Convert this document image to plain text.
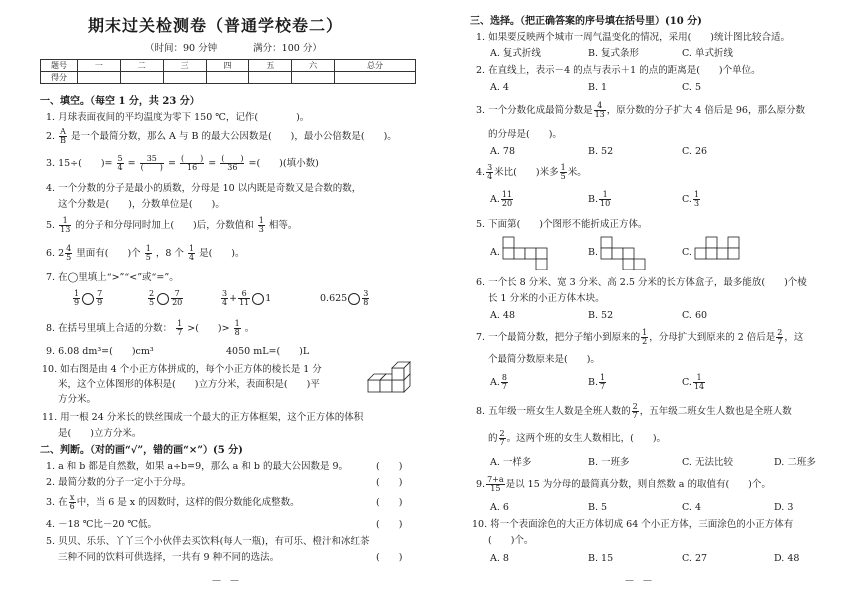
期末过关检测卷（普通学校卷二）
（时间：90 分钟	满分：100 分）
题号	一	二	三	四	五	六	总分
得分							
一、填空。（每空 1 分，共 23 分）
1. 月球表面夜间的平均温度为零下 150 ℃，记作(　　　　)。
2. $\frac{A}{B}$ 是一个最简分数，那么 A 与 B 的最大公因数是(　　)，最小公倍数是(　　)。
3. 15÷(　　)= $\frac{5}{4} = \frac{35}{( )} = \frac{( )}{16} = \frac{( )}{36}$ =(　　)(填小数)
4. 一个分数的分子是最小的质数，分母是 10 以内既是奇数又是合数的数，
这个分数是(　　)，分数单位是(　　)。
5. $\frac{1}{13}$ 的分子和分母同时加上(　　)后，分数值和 $\frac{1}{3}$ 相等。
6. $2 \frac{4}{5}$ 里面有(　　)个 $\frac{1}{5}$ ，8 个 $\frac{1}{4}$ 是(　　)。
7. 在◯里填上“>”“<”或“=”。
$\frac{1}{9} \frac{7}{9}$	$\frac{2}{5} \frac{7}{20}$	$\frac{3}{4} + \frac{6}{11} 1$	$0.625 \frac{3}{8}$
8. 在括号里填上合适的分数： $\frac{1}{7}$ >(　　)> $\frac{1}{8}$ 。
9. 6.08 dm³=(　　)cm³	4050 mL=(　　)L
10. 如右图是由 4 个小正方体拼成的，每个小正方体的棱长是 1 分
米，这个立体图形的体积是(　　)立方分米，表面积是(　　)平
方分米。
11. 用一根 24 分米长的铁丝围成一个最大的正方体框架，这个正方体的体积
是(　　)立方分米。
二、判断。（对的画“√”，错的画“×”）(5 分)
1. a 和 b 都是自然数，如果 a÷b=9，那么 a 和 b 的最大公因数是 9。	(　　)
2. 最简分数的分子一定小于分母。	(　　)
3. 在 $\frac{x}{6}$ 中，当 6 是 x 的因数时，这样的假分数能化成整数。	(　　)
4. －18 ℃比－20 ℃低。	(　　)
5. 贝贝、乐乐、丫丫三个小伙伴去买饮料(每人一瓶)，有可乐、橙汁和冰红茶
三种不同的饮料可供选择，一共有 9 种不同的选法。	(　　)
—　—
三、选择。（把正确答案的序号填在括号里）(10 分)
1. 如果要反映两个城市一周气温变化的情况，采用(　　)统计图比较合适。
A. 复式折线	B. 复式条形	C. 单式折线
2. 在直线上，表示－4 的点与表示＋1 的点的距离是(　　)个单位。
A. 4	B. 1	C. 5
3. 一个分数化成最简分数是 $\frac{4}{13}$ ，原分数的分子扩大 4 倍后是 96，那么原分数
的分母是(　　)。
A. 78	B. 52	C. 26
4. $\frac{3}{4}$ 米比(　　)米多 $\frac{1}{5}$ 米。
A. $\frac{11}{20}$	B. $\frac{1}{10}$	C. $\frac{1}{3}$
5. 下面第(　　)个图形不能折成正方体。
A.	B.	C.
6. 一个长 8 分米、宽 3 分米、高 2.5 分米的长方体盒子，最多能放(　　)个棱
长 1 分米的小正方体木块。
A. 48	B. 52	C. 60
7. 一个最简分数，把分子缩小到原来的 $\frac{1}{2}$ ，分母扩大到原来的 2 倍后是 $\frac{2}{7}$ ，这
个最简分数原来是(　　)。
A. $\frac{8}{7}$	B. $\frac{1}{7}$	C. $\frac{1}{14}$
8. 五年级一班女生人数是全班人数的 $\frac{2}{7}$ ，五年级二班女生人数也是全班人数
的 $\frac{2}{7}$ 。这两个班的女生人数相比，(　　)。
A. 一样多	B. 一班多	C. 无法比较	D. 二班多
9. $\frac{7+a}{15}$ 是以 15 为分母的最简真分数，则自然数 a 的取值有(　　)个。
A. 6	B. 5	C. 4	D. 3
10. 将一个表面涂色的大正方体切成 64 个小正方体，三面涂色的小正方体有
(　　)个。
A. 8	B. 15	C. 27	D. 48
—　—
